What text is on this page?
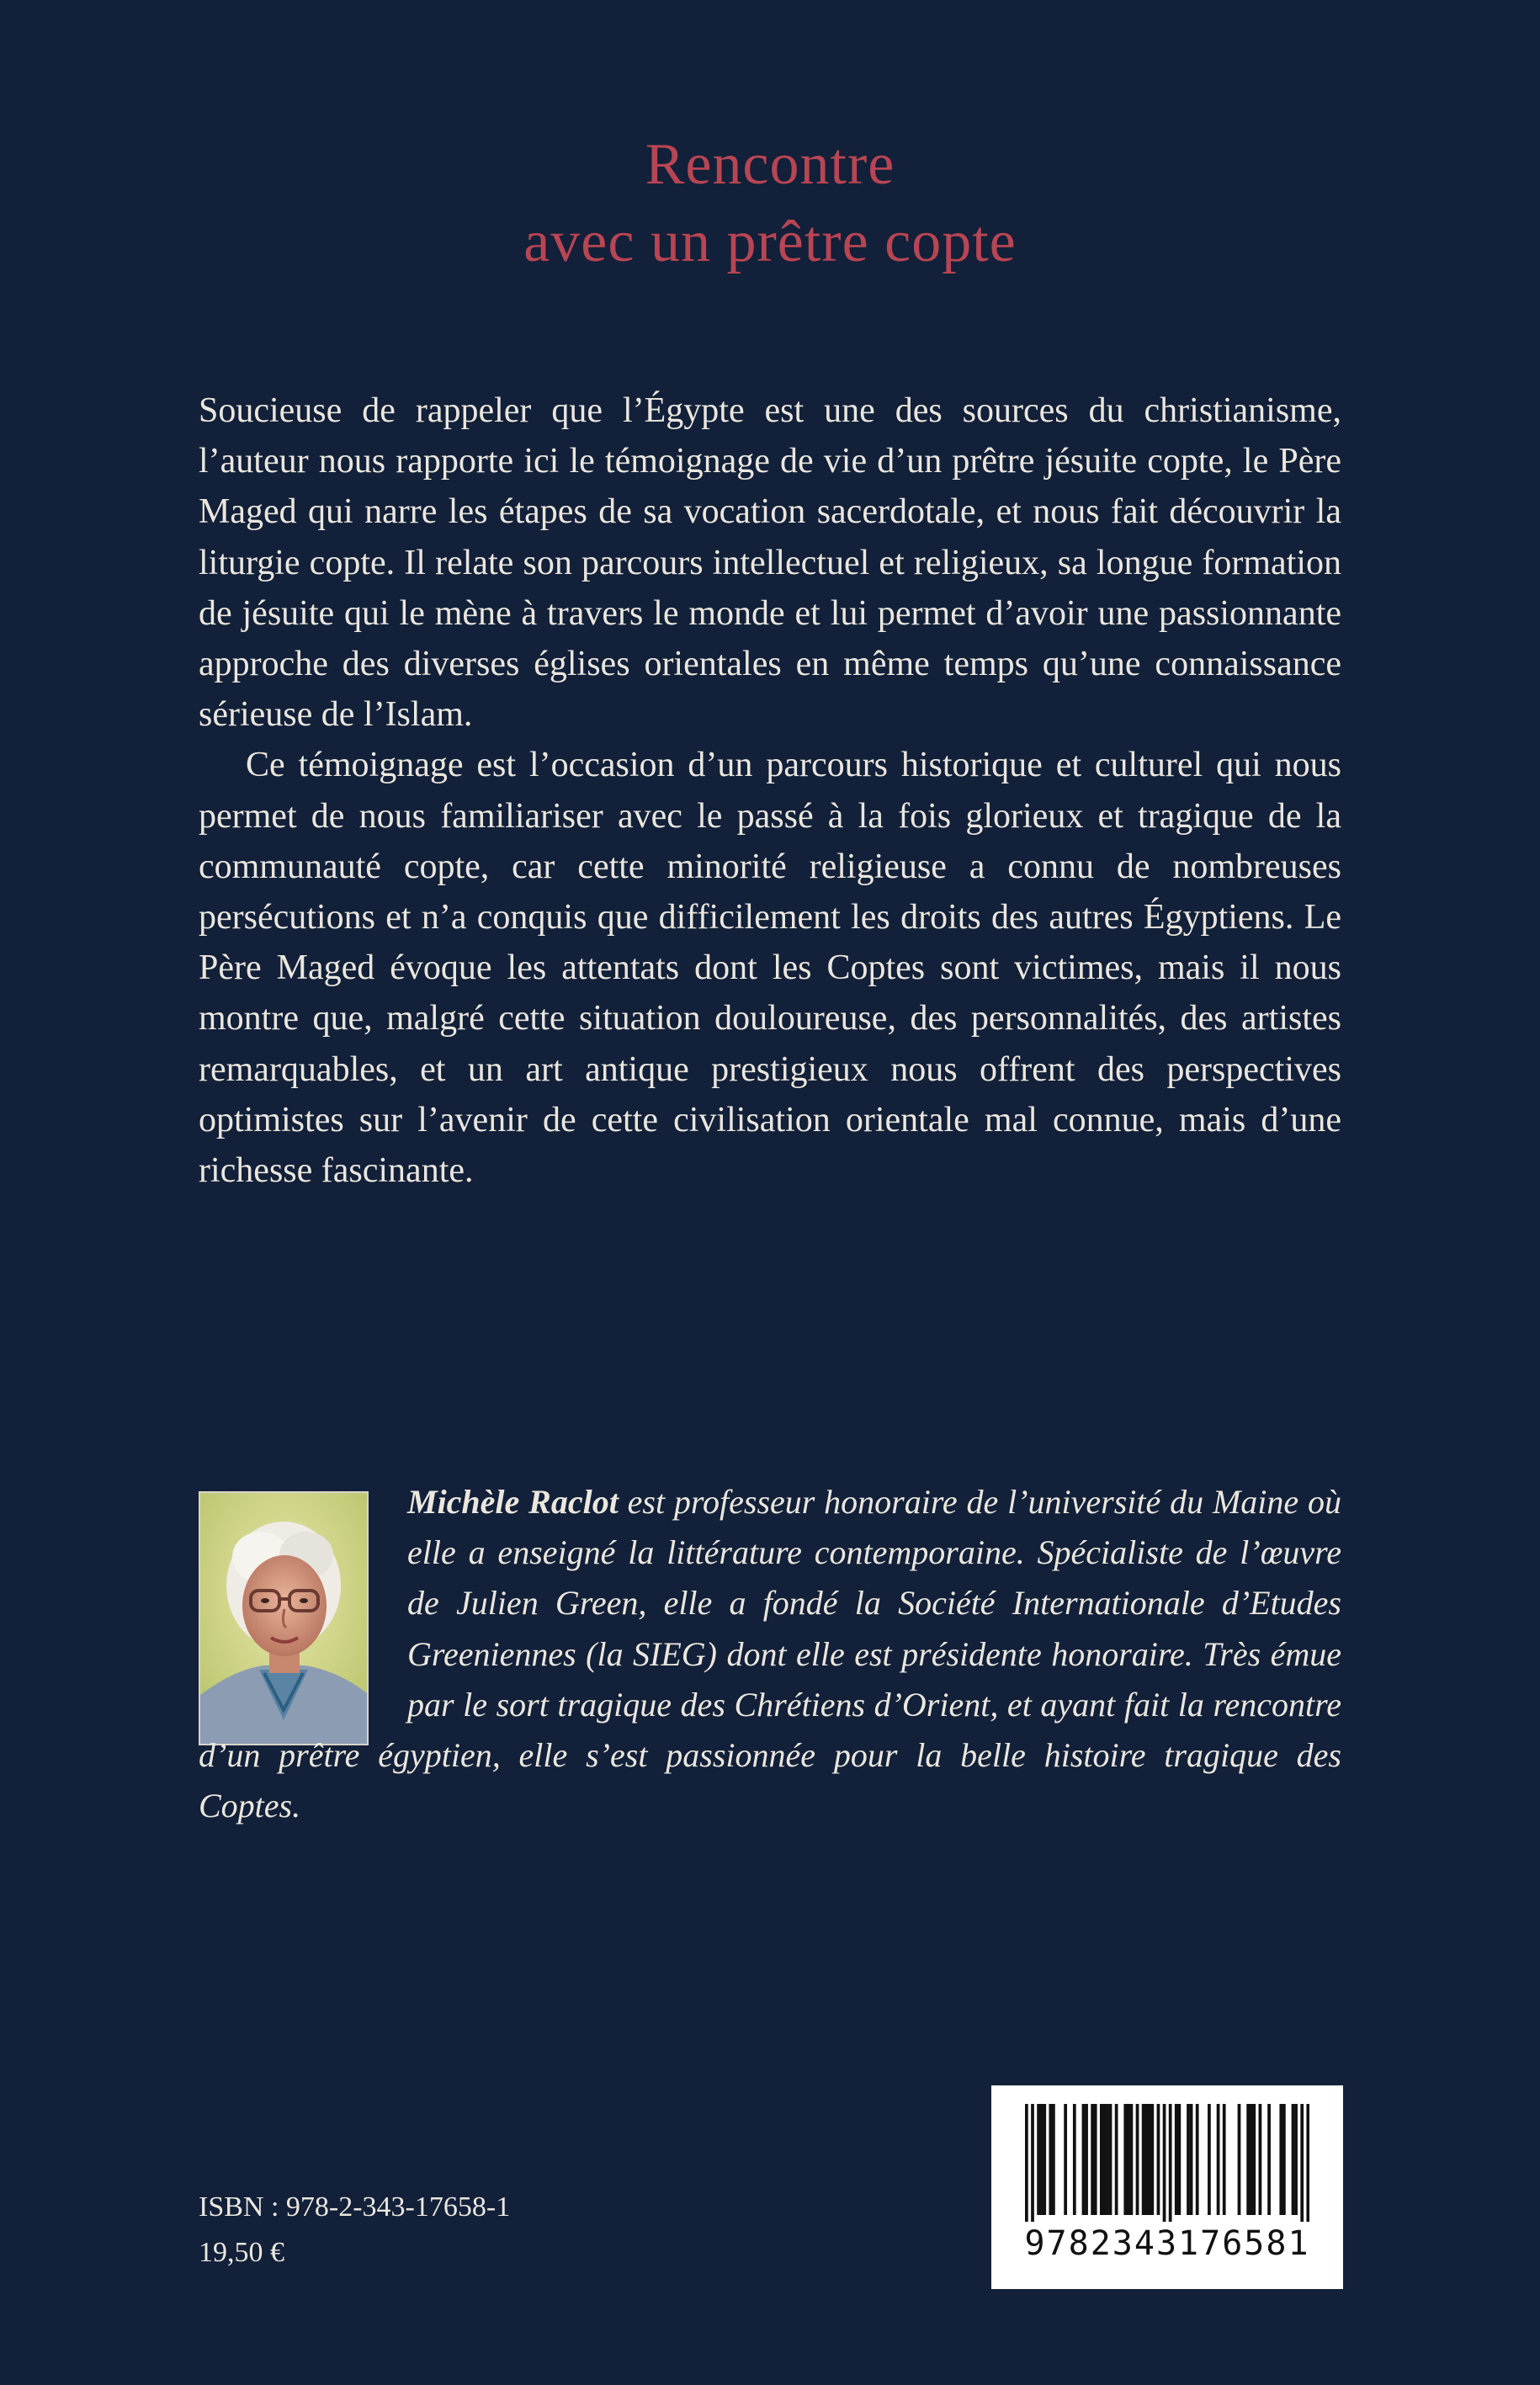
Rencontre
avec un prêtre copte

Soucieuse de rappeler que l’Égypte est une des sources du christianisme, l’auteur nous rapporte ici le témoignage de vie d’un prêtre jésuite copte, le Père Maged qui narre les étapes de sa vocation sacerdotale, et nous fait découvrir la liturgie copte. Il relate son parcours intellectuel et religieux, sa longue formation de jésuite qui le mène à travers le monde et lui permet d’avoir une passionnante approche des diverses églises orientales en même temps qu’une connaissance sérieuse de l’Islam.

Ce témoignage est l’occasion d’un parcours historique et culturel qui nous permet de nous familiariser avec le passé à la fois glorieux et tragique de la communauté copte, car cette minorité religieuse a connu de nombreuses persécutions et n’a conquis que difficilement les droits des autres Égyptiens. Le Père Maged évoque les attentats dont les Coptes sont victimes, mais il nous montre que, malgré cette situation douloureuse, des personnalités, des artistes remarquables, et un art antique prestigieux nous offrent des perspectives optimistes sur l’avenir de cette civilisation orientale mal connue, mais d’une richesse fascinante.

Michèle Raclot est professeur honoraire de l’université du Maine où elle a enseigné la littérature contemporaine. Spécialiste de l’œuvre de Julien Green, elle a fondé la Société Internationale d’Etudes Greeniennes (la SIEG) dont elle est présidente honoraire. Très émue par le sort tragique des Chrétiens d’Orient, et ayant fait la rencontre d’un prêtre égyptien, elle s’est passionnée pour la belle histoire tragique des Coptes.
ISBN : 978-2-343-17658-1
19,50 €	9782343176581
